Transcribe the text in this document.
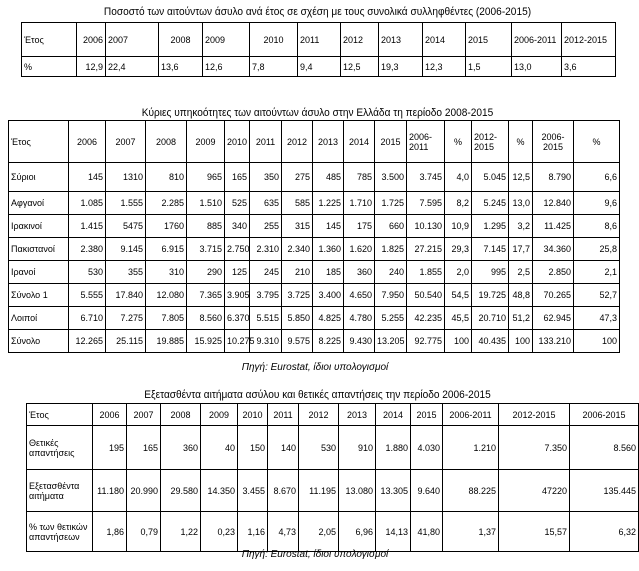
Ποσοστό των αιτούντων άσυλο ανά έτος σε σχέση με τους συνολικά συλληφθέντες (2006-2015)
Έτος	2006	2007	2008	2009	2010	2011	2012	2013	2014	2015	2006-2011	2012-2015
%	12,9	22,4	13,6	12,6	7,8	9,4	12,5	19,3	12,3	1,5	13,0	3,6
Κύριες υπηκοότητες των αιτούντων άσυλο στην Ελλάδα τη περίοδο 2008-2015
Έτος	2006	2007	2008	2009	2010	2011	2012	2013	2014	2015	2006-2011	%	2012-2015	%	2006-2015	%
Σύριοι	145	1310	810	965	165	350	275	485	785	3.500	3.745	4,0	5.045	12,5	8.790	6,6
Αφγανοί	1.085	1.555	2.285	1.510	525	635	585	1.225	1.710	1.725	7.595	8,2	5.245	13,0	12.840	9,6
Ιρακινοί	1.415	5475	1760	885	340	255	315	145	175	660	10.130	10,9	1.295	3,2	11.425	8,6
Πακιστανοί	2.380	9.145	6.915	3.715	2.750	2.310	2.340	1.360	1.620	1.825	27.215	29,3	7.145	17,7	34.360	25,8
Ιρανοί	530	355	310	290	125	245	210	185	360	240	1.855	2,0	995	2,5	2.850	2,1
Σύνολο 1	5.555	17.840	12.080	7.365	3.905	3.795	3.725	3.400	4.650	7.950	50.540	54,5	19.725	48,8	70.265	52,7
Λοιποί	6.710	7.275	7.805	8.560	6.370	5.515	5.850	4.825	4.780	5.255	42.235	45,5	20.710	51,2	62.945	47,3
Σύνολο	12.265	25.115	19.885	15.925	10.275	9.310	9.575	8.225	9.430	13.205	92.775	100	40.435	100	133.210	100
Πηγή: Eurostat, ίδιοι υπολογισμοί
Εξετασθέντα αιτήματα ασύλου και θετικές απαντήσεις την περίοδο 2006-2015
Έτος	2006	2007	2008	2009	2010	2011	2012	2013	2014	2015	2006-2011	2012-2015	2006-2015
Θετικές απαντήσεις	195	165	360	40	150	140	530	910	1.880	4.030	1.210	7.350	8.560
Εξετασθέντα αιτήματα	11.180	20.990	29.580	14.350	3.455	8.670	11.195	13.080	13.305	9.640	88.225	47220	135.445
% των θετικών απαντήσεων	1,86	0,79	1,22	0,23	1,16	4,73	2,05	6,96	14,13	41,80	1,37	15,57	6,32
Πηγή: Eurostat, ίδιοι υπολογισμοί
